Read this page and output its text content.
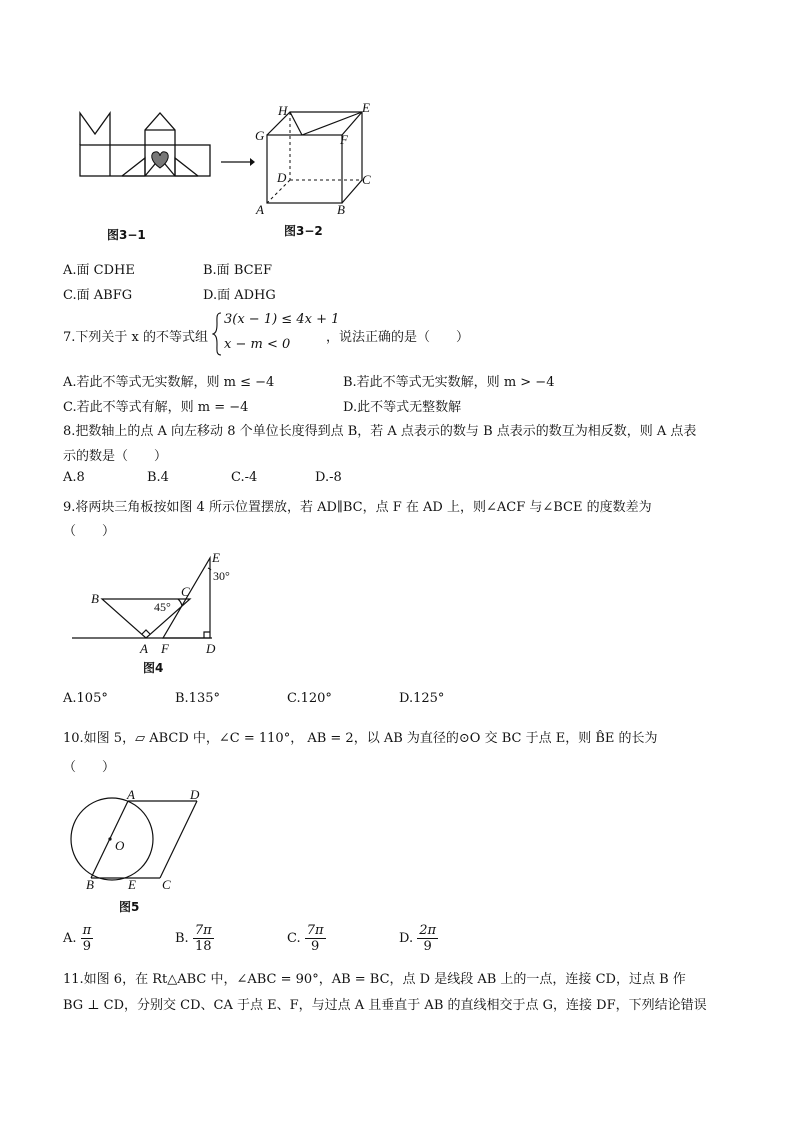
图3−1
H	E
G	F
D	C
A	B
图3−2
A.面 CDHE	B.面 BCEF
C.面 ABFG	D.面 ADHG
7.下列关于 x 的不等式组
3(x − 1) ≤ 4x + 1
x − m < 0	，说法正确的是（　　）
A.若此不等式无实数解，则 m ≤ −4	B.若此不等式无实数解，则 m > −4
C.若此不等式有解，则 m = −4	D.此不等式无整数解
8.把数轴上的点 A 向左移动 8 个单位长度得到点 B，若 A 点表示的数与 B 点表示的数互为相反数，则 A 点表
示的数是（　　）
A.8	B.4	C.-4	D.-8
9.将两块三角板按如图 4 所示位置摆放，若 AD∥BC，点 F 在 AD 上，则∠ACF 与∠BCE 的度数差为
（　　）
B	C
E
30°
45°
A F	D
图4
A.105°	B.135°	C.120°	D.125°
10.如图 5，▱ ABCD 中，∠C = 110°， AB = 2，以 AB 为直径的⊙O 交 BC 于点 E，则 B̂E 的长为
（　　）
A	D
O
B	E C
图5
A. $\frac{\pi}{9}$	B. $\frac{7\pi}{18}$	C. $\frac{7\pi}{9}$	D. $\frac{2\pi}{9}$
11.如图 6，在 Rt△ABC 中，∠ABC = 90°，AB = BC，点 D 是线段 AB 上的一点，连接 CD，过点 B 作
BG ⊥ CD，分别交 CD、CA 于点 E、F，与过点 A 且垂直于 AB 的直线相交于点 G，连接 DF，下列结论错误
